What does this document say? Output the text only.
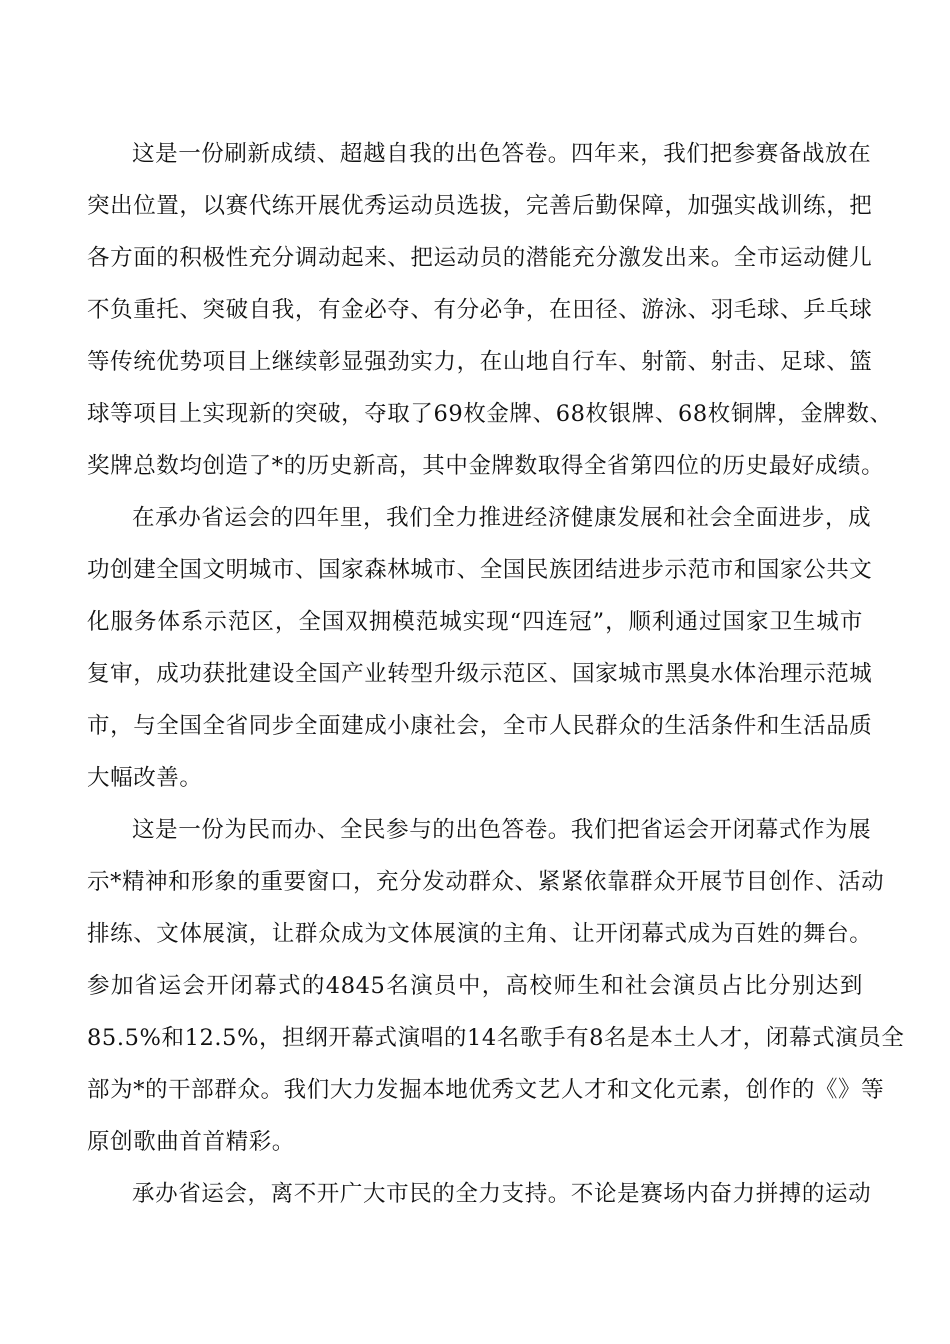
这是一份刷新成绩、超越自我的出色答卷。四年来，我们把参赛备战放在
突出位置，以赛代练开展优秀运动员选拔，完善后勤保障，加强实战训练，把
各方面的积极性充分调动起来、把运动员的潜能充分激发出来。全市运动健儿
不负重托、突破自我，有金必夺、有分必争，在田径、游泳、羽毛球、乒乓球
等传统优势项目上继续彰显强劲实力，在山地自行车、射箭、射击、足球、篮
球等项目上实现新的突破，夺取了69枚金牌、68枚银牌、68枚铜牌，金牌数、
奖牌总数均创造了*的历史新高，其中金牌数取得全省第四位的历史最好成绩。
在承办省运会的四年里，我们全力推进经济健康发展和社会全面进步，成
功创建全国文明城市、国家森林城市、全国民族团结进步示范市和国家公共文
化服务体系示范区，全国双拥模范城实现“四连冠”，顺利通过国家卫生城市
复审，成功获批建设全国产业转型升级示范区、国家城市黑臭水体治理示范城
市，与全国全省同步全面建成小康社会，全市人民群众的生活条件和生活品质
大幅改善。
这是一份为民而办、全民参与的出色答卷。我们把省运会开闭幕式作为展
示*精神和形象的重要窗口，充分发动群众、紧紧依靠群众开展节目创作、活动
排练、文体展演，让群众成为文体展演的主角、让开闭幕式成为百姓的舞台。
参加省运会开闭幕式的4845名演员中，高校师生和社会演员占比分别达到
85.5%和12.5%，担纲开幕式演唱的14名歌手有8名是本土人才，闭幕式演员全
部为*的干部群众。我们大力发掘本地优秀文艺人才和文化元素，创作的《》等
原创歌曲首首精彩。
承办省运会，离不开广大市民的全力支持。不论是赛场内奋力拼搏的运动
